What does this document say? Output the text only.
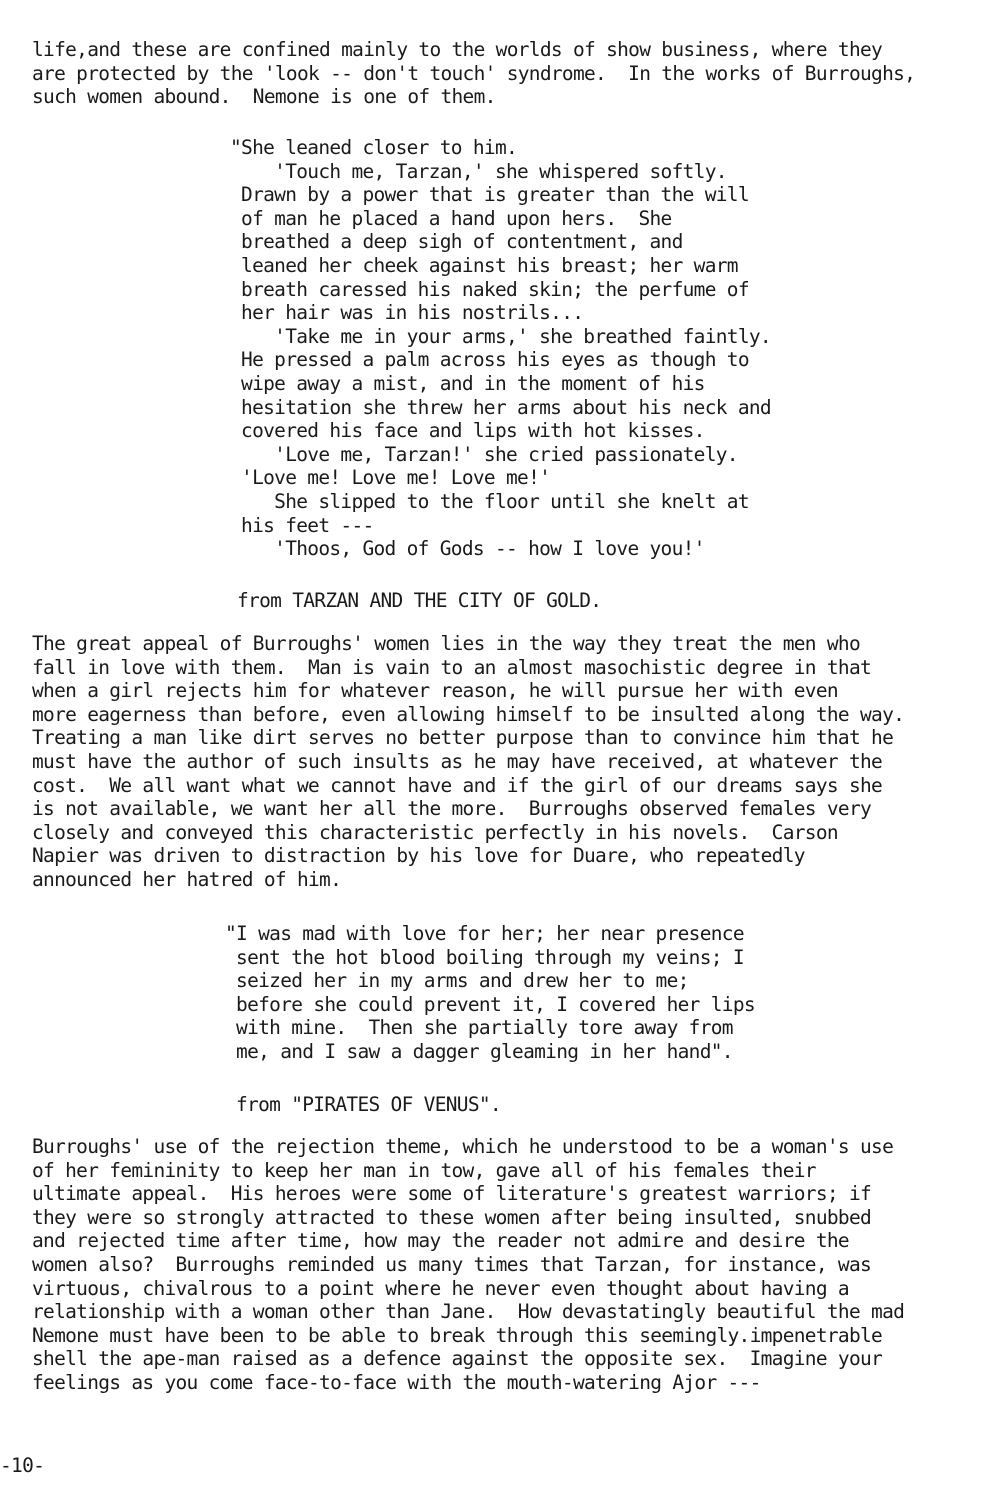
life,and these are confined mainly to the worlds of show business, where they
are protected by the 'look -- don't touch' syndrome.  In the works of Burroughs,
such women abound.  Nemone is one of them.

"She leaned closer to him.
'Touch me, Tarzan,' she whispered softly.
Drawn by a power that is greater than the will
of man he placed a hand upon hers.  She
breathed a deep sigh of contentment, and
leaned her cheek against his breast; her warm
breath caressed his naked skin; the perfume of
her hair was in his nostrils...
'Take me in your arms,' she breathed faintly.
He pressed a palm across his eyes as though to
wipe away a mist, and in the moment of his
hesitation she threw her arms about his neck and
covered his face and lips with hot kisses.
'Love me, Tarzan!' she cried passionately.
'Love me! Love me! Love me!'
She slipped to the floor until she knelt at
his feet ---
'Thoos, God of Gods -- how I love you!'

from TARZAN AND THE CITY OF GOLD.

The great appeal of Burroughs' women lies in the way they treat the men who
fall in love with them.  Man is vain to an almost masochistic degree in that
when a girl rejects him for whatever reason, he will pursue her with even
more eagerness than before, even allowing himself to be insulted along the way.
Treating a man like dirt serves no better purpose than to convince him that he
must have the author of such insults as he may have received, at whatever the
cost.  We all want what we cannot have and if the girl of our dreams says she
is not available, we want her all the more.  Burroughs observed females very
closely and conveyed this characteristic perfectly in his novels.  Carson
Napier was driven to distraction by his love for Duare, who repeatedly
announced her hatred of him.

"I was mad with love for her; her near presence
sent the hot blood boiling through my veins; I
seized her in my arms and drew her to me;
before she could prevent it, I covered her lips
with mine.  Then she partially tore away from
me, and I saw a dagger gleaming in her hand".

from "PIRATES OF VENUS".

Burroughs' use of the rejection theme, which he understood to be a woman's use
of her femininity to keep her man in tow, gave all of his females their
ultimate appeal.  His heroes were some of literature's greatest warriors; if
they were so strongly attracted to these women after being insulted, snubbed
and rejected time after time, how may the reader not admire and desire the
women also?  Burroughs reminded us many times that Tarzan, for instance, was
virtuous, chivalrous to a point where he never even thought about having a
relationship with a woman other than Jane.  How devastatingly beautiful the mad
Nemone must have been to be able to break through this seemingly.impenetrable
shell the ape-man raised as a defence against the opposite sex.  Imagine your
feelings as you come face-to-face with the mouth-watering Ajor ---

-10-
